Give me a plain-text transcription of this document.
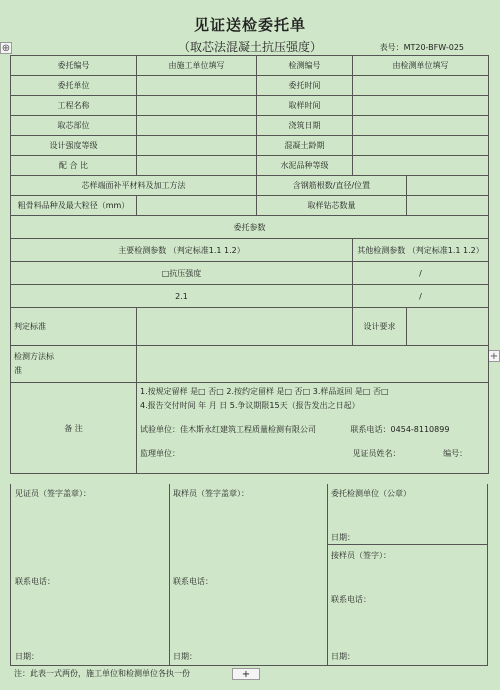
见证送检委托单
（取芯法混凝土抗压强度）	表号：MT20-BFW-025
⊕
+
委托编号	由施工单位填写	检测编号	由检测单位填写	
委托单位		委托时间		
工程名称		取样时间		
取芯部位		浇筑日期		
设计强度等级		混凝土龄期		
配 合 比		水泥品种等级		
芯样端面补平材料及加工方法		含钢筋根数/直径/位置		
粗骨料品种及最大粒径（mm）		取样钻芯数量		
委托参数				
主要检测参数 （判定标准1.1 1.2）			其他检测参数 （判定标准1.1 1.2）	
□抗压强度			/	
2.1			/	
判定标准			设计要求	

检测方法标准				

备 注	1.按规定留样 是□ 否□ 2.按约定留样 是□ 否□ 3.样品返回 是□ 否□
4.报告交付时间 年 月 日 5.争议期限15天（报告发出之日起）
试验单位：佳木斯永红建筑工程质量检测有限公司 联系电话：0454-8110899
监理单位： 见证员姓名： 编号：			
见证员（签字盖章）：
联系电话：
日期：
取样员（签字盖章）：
联系电话：
日期：
委托检测单位（公章）
日期：
接样员（签字）：
联系电话：
日期：
注：此表一式两份，施工单位和检测单位各执一份	+
